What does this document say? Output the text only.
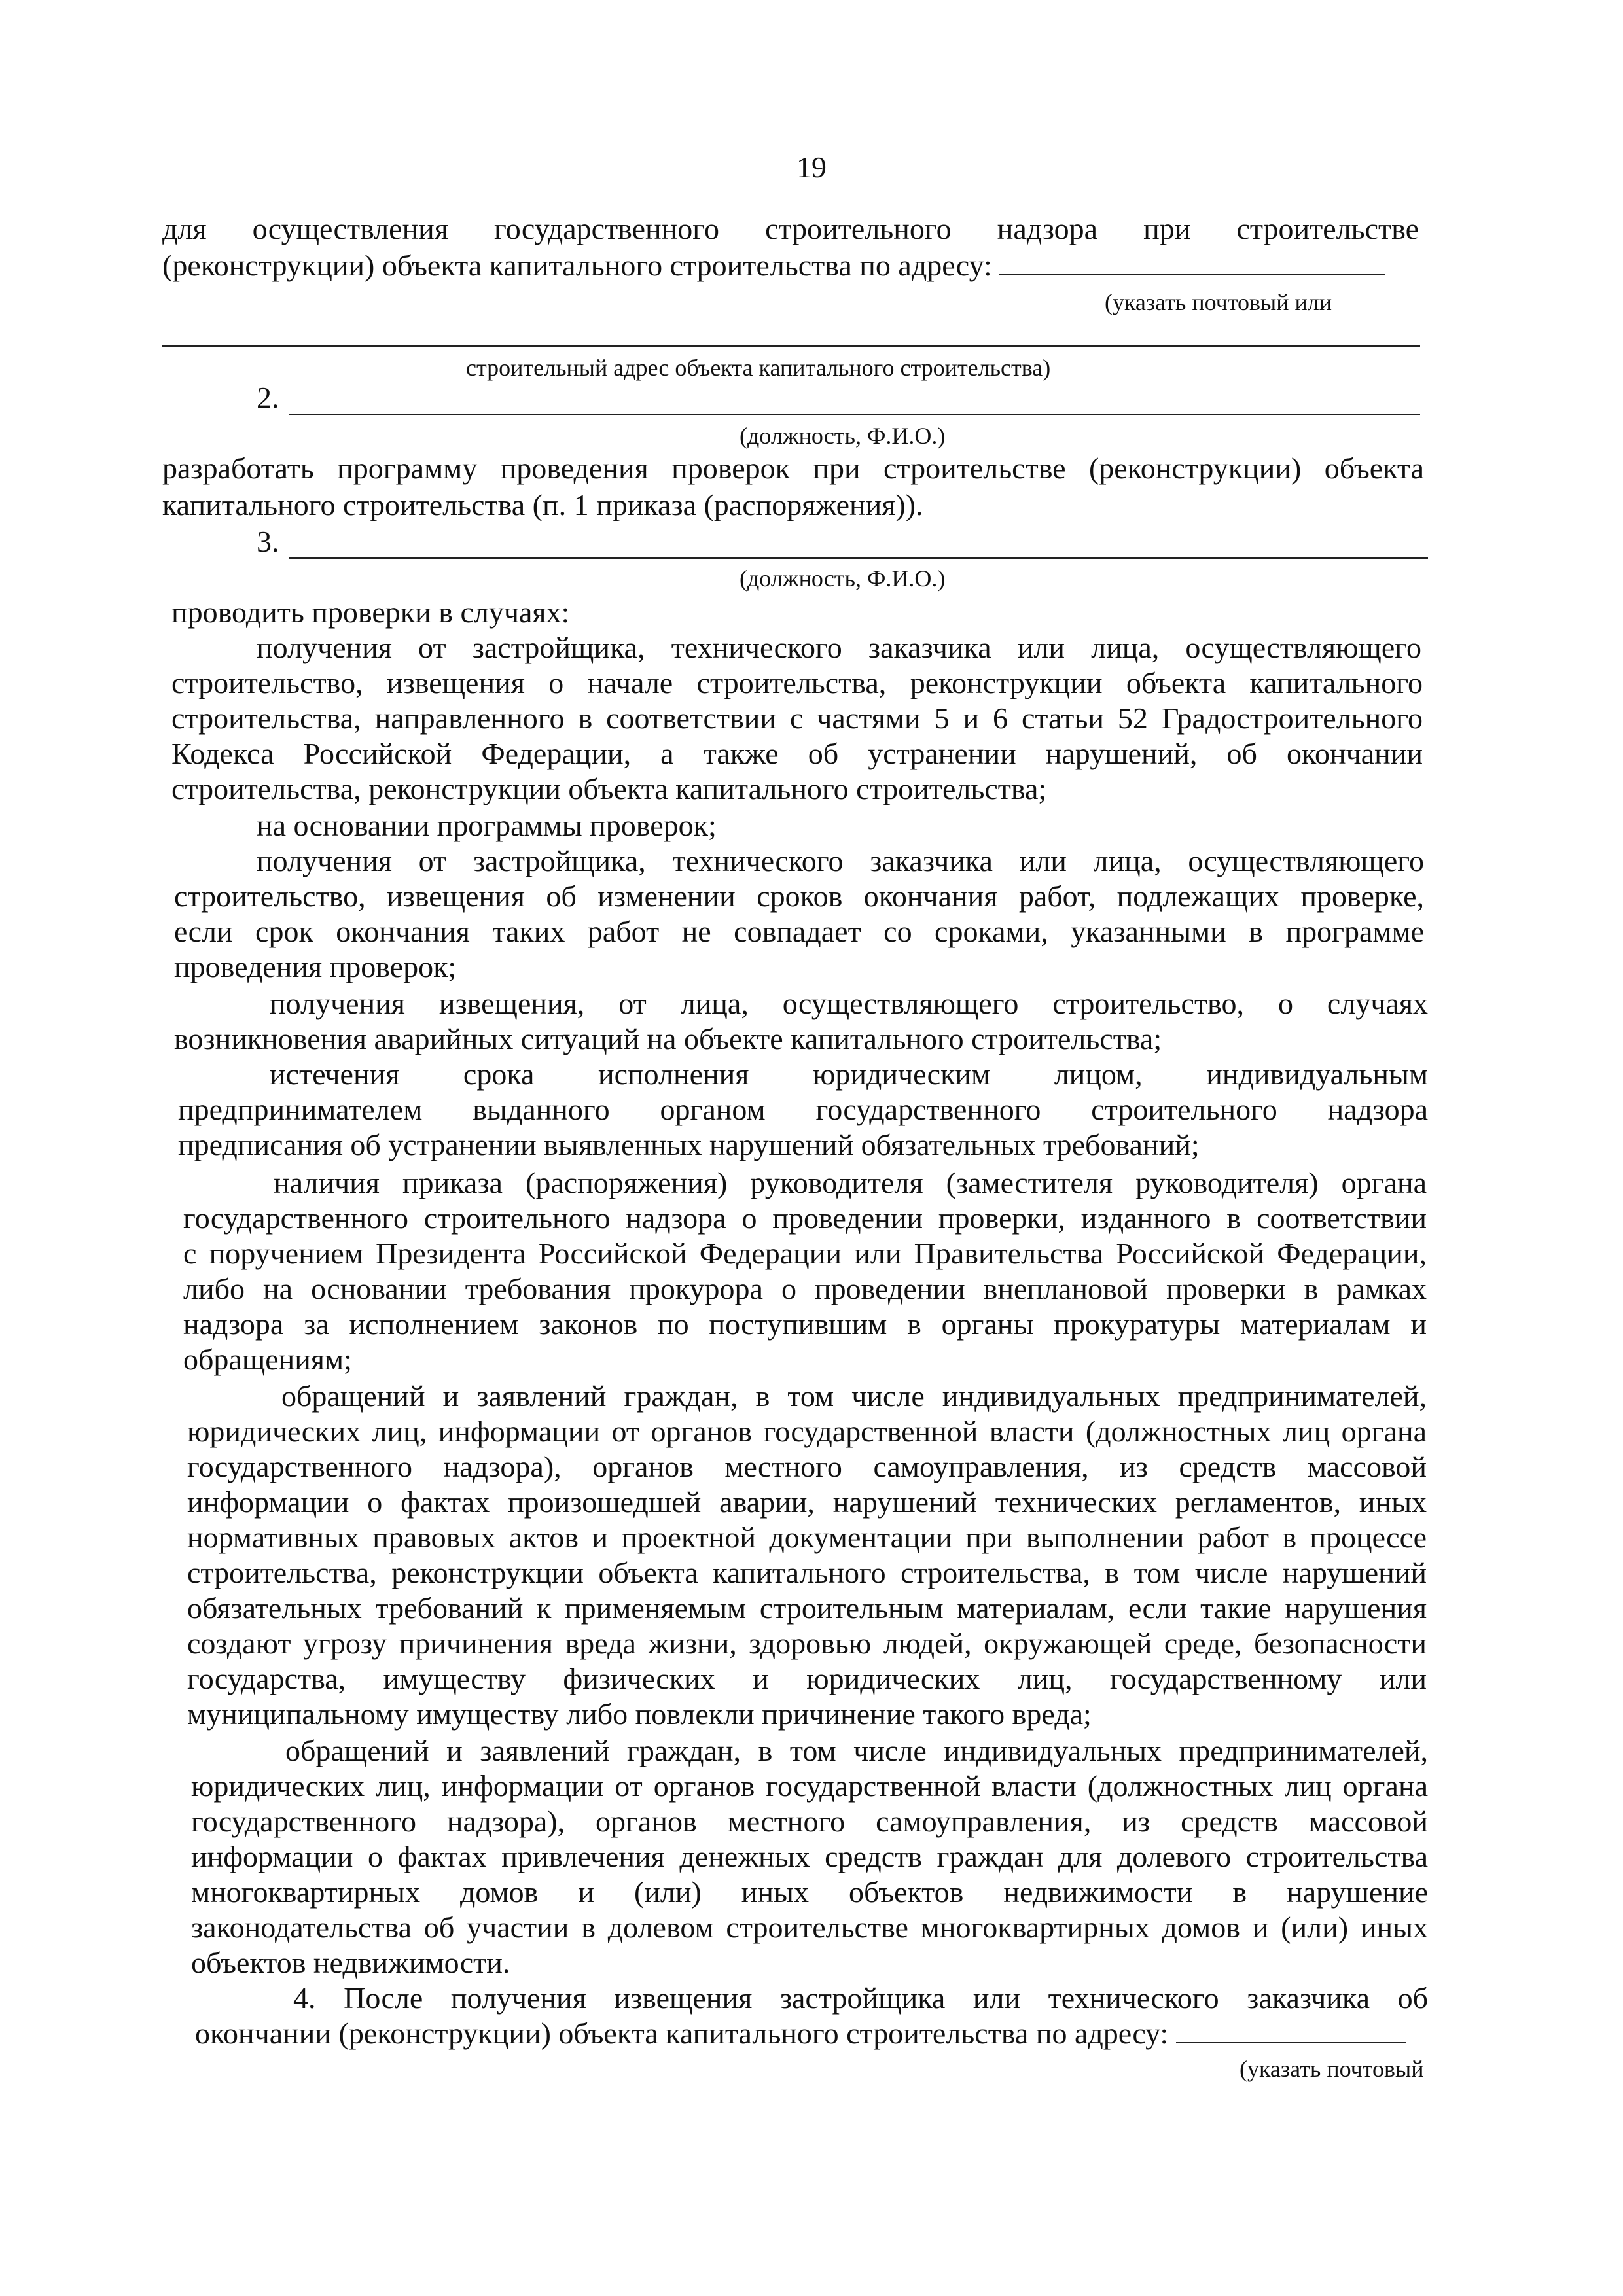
19
для осуществления государственного строительного надзора при строительстве
(реконструкции) объекта капитального строительства по адресу:
(указать почтовый или
строительный адрес объекта капитального строительства)
2.
(должность, Ф.И.О.)
разработать программу проведения проверок при строительстве (реконструкции) объекта
капитального строительства (п. 1 приказа (распоряжения)).
3.
(должность, Ф.И.О.)
проводить проверки в случаях:
получения от застройщика, технического заказчика или лица, осуществляющего
строительство, извещения о начале строительства, реконструкции объекта капитального
строительства, направленного в соответствии с частями 5 и 6 статьи 52 Градостроительного
Кодекса Российской Федерации, а также об устранении нарушений, об окончании
строительства, реконструкции объекта капитального строительства;
на основании программы проверок;
получения от застройщика, технического заказчика или лица, осуществляющего
строительство, извещения об изменении сроков окончания работ, подлежащих проверке,
если срок окончания таких работ не совпадает со сроками, указанными в программе
проведения проверок;
получения извещения, от лица, осуществляющего строительство, о случаях
возникновения аварийных ситуаций на объекте капитального строительства;
истечения срока исполнения юридическим лицом, индивидуальным
предпринимателем выданного органом государственного строительного надзора
предписания об устранении выявленных нарушений обязательных требований;
наличия приказа (распоряжения) руководителя (заместителя руководителя) органа
государственного строительного надзора о проведении проверки, изданного в соответствии
с поручением Президента Российской Федерации или Правительства Российской Федерации,
либо на основании требования прокурора о проведении внеплановой проверки в рамках
надзора за исполнением законов по поступившим в органы прокуратуры материалам и
обращениям;
обращений и заявлений граждан, в том числе индивидуальных предпринимателей,
юридических лиц, информации от органов государственной власти (должностных лиц органа
государственного надзора), органов местного самоуправления, из средств массовой
информации о фактах произошедшей аварии, нарушений технических регламентов, иных
нормативных правовых актов и проектной документации при выполнении работ в процессе
строительства, реконструкции объекта капитального строительства, в том числе нарушений
обязательных требований к применяемым строительным материалам, если такие нарушения
создают угрозу причинения вреда жизни, здоровью людей, окружающей среде, безопасности
государства, имуществу физических и юридических лиц, государственному или
муниципальному имуществу либо повлекли причинение такого вреда;
обращений и заявлений граждан, в том числе индивидуальных предпринимателей,
юридических лиц, информации от органов государственной власти (должностных лиц органа
государственного надзора), органов местного самоуправления, из средств массовой
информации о фактах привлечения денежных средств граждан для долевого строительства
многоквартирных домов и (или) иных объектов недвижимости в нарушение
законодательства об участии в долевом строительстве многоквартирных домов и (или) иных
объектов недвижимости.
4. После получения извещения застройщика или технического заказчика об
окончании (реконструкции) объекта капитального строительства по адресу:
(указать почтовый
